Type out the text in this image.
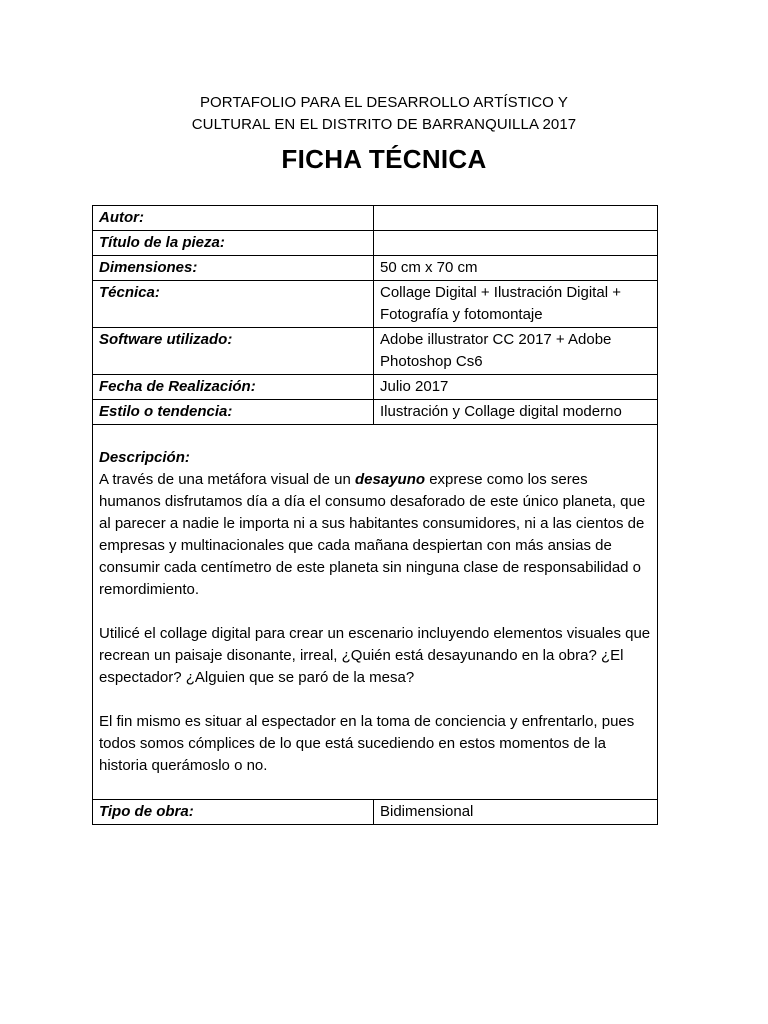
PORTAFOLIO PARA EL DESARROLLO ARTÍSTICO Y
CULTURAL EN EL DISTRITO DE BARRANQUILLA 2017
FICHA TÉCNICA
Autor:	
Título de la pieza:	
Dimensiones:	50 cm x 70 cm
Técnica:	Collage Digital + Ilustración Digital + Fotografía y fotomontaje
Software utilizado:	Adobe illustrator CC 2017 + Adobe Photoshop Cs6
Fecha de Realización:	Julio 2017
Estilo o tendencia:	Ilustración y Collage digital moderno

Descripción:

A través de una metáfora visual de un desayuno exprese como los seres humanos disfrutamos día a día el consumo desaforado de este único planeta, que al parecer a nadie le importa ni a sus habitantes consumidores, ni a las cientos de empresas y multinacionales que cada mañana despiertan con más ansias de consumir cada centímetro de este planeta sin ninguna clase de responsabilidad o remordimiento.

Utilicé el collage digital para crear un escenario incluyendo elementos visuales que recrean un paisaje disonante, irreal, ¿Quién está desayunando en la obra? ¿El espectador? ¿Alguien que se paró de la mesa?

El fin mismo es situar al espectador en la toma de conciencia y enfrentarlo, pues todos somos cómplices de lo que está sucediendo en estos momentos de la historia querámoslo o no.	

Tipo de obra:	Bidimensional
